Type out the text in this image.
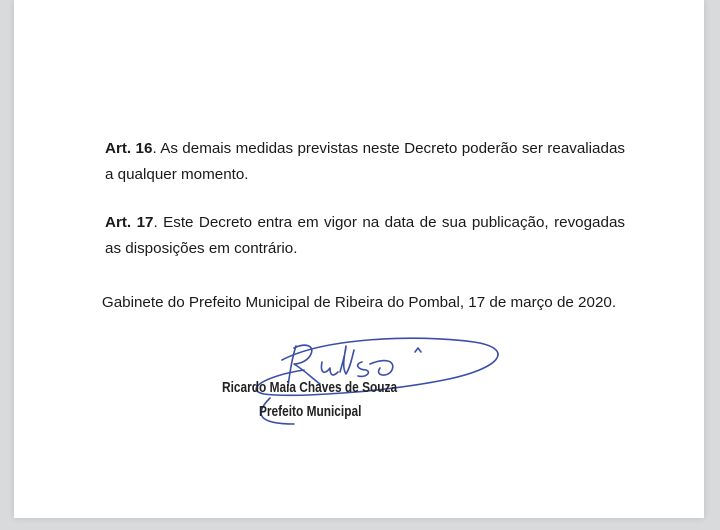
Art. 16. As demais medidas previstas neste Decreto poderão ser reavaliadas a qualquer momento.

Art. 17. Este Decreto entra em vigor na data de sua publicação, revogadas as disposições em contrário.

Gabinete do Prefeito Municipal de Ribeira do Pombal, 17 de março de 2020.
Ricardo Maia Chaves de Souza
Prefeito Municipal
